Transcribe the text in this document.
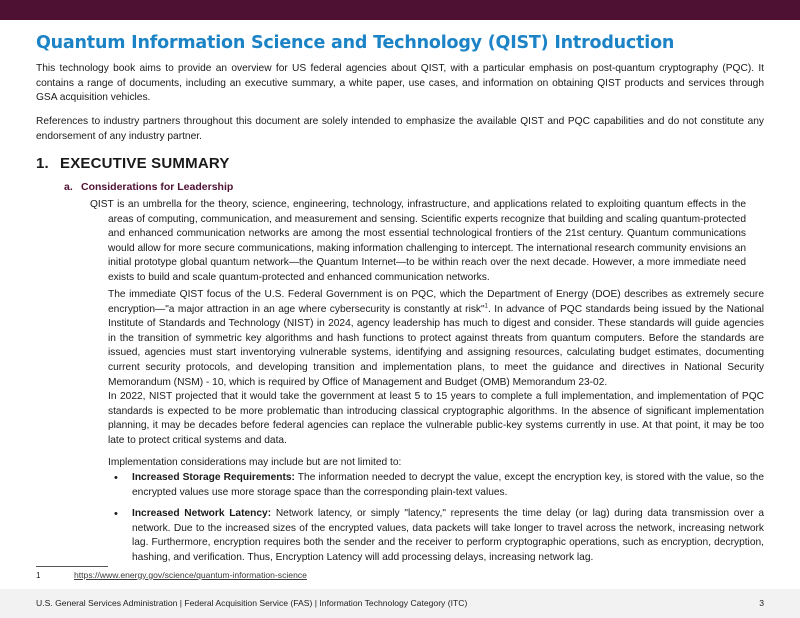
Quantum Information Science and Technology (QIST) Introduction

This technology book aims to provide an overview for US federal agencies about QIST, with a particular emphasis on post-quantum cryptography (PQC). It contains a range of documents, including an executive summary, a white paper, use cases, and information on obtaining QIST products and services through GSA acquisition vehicles.

References to industry partners throughout this document are solely intended to emphasize the available QIST and PQC capabilities and do not constitute any endorsement of any industry partner.

1. EXECUTIVE SUMMARY
a. Considerations for Leadership

QIST is an umbrella for the theory, science, engineering, technology, infrastructure, and applications related to exploiting quantum effects in the areas of computing, communication, and measurement and sensing. Scientific experts recognize that building and scaling quantum-protected and enhanced communication networks are among the most essential technological frontiers of the 21st century. Quantum communications would allow for more secure communications, making information challenging to intercept. The international research community envisions an initial prototype global quantum network—the Quantum Internet—to be within reach over the next decade. However, a more immediate need exists to build and scale quantum-protected and enhanced communication networks.

The immediate QIST focus of the U.S. Federal Government is on PQC, which the Department of Energy (DOE) describes as extremely secure encryption—"a major attraction in an age where cybersecurity is constantly at risk"$^1$. In advance of PQC standards being issued by the National Institute of Standards and Technology (NIST) in 2024, agency leadership has much to digest and consider. These standards will guide agencies in the transition of symmetric key algorithms and hash functions to protect against threats from quantum computers. Before the standards are issued, agencies must start inventorying vulnerable systems, identifying and assigning resources, calculating budget estimates, documenting current security protocols, and developing transition and implementation plans, to meet the guidance and directives in National Security Memorandum (NSM) - 10, which is required by Office of Management and Budget (OMB) Memorandum 23-02.

In 2022, NIST projected that it would take the government at least 5 to 15 years to complete a full implementation, and implementation of PQC standards is expected to be more problematic than introducing classical cryptographic algorithms. In the absence of significant implementation planning, it may be decades before federal agencies can replace the vulnerable public-key systems currently in use. At that point, it may be too late to protect critical systems and data.

Implementation considerations may include but are not limited to:

• Increased Storage Requirements: The information needed to decrypt the value, except the encryption key, is stored with the value, so the encrypted values use more storage space than the corresponding plain-text values.
• Increased Network Latency: Network latency, or simply "latency," represents the time delay (or lag) during data transmission over a network. Due to the increased sizes of the encrypted values, data packets will take longer to travel across the network, increasing network lag. Furthermore, encryption requires both the sender and the receiver to perform cryptographic operations, such as encryption, decryption, hashing, and verification. Thus, Encryption Latency will add processing delays, increasing network lag.
1	https://www.energy.gov/science/quantum-information-science
U.S. General Services Administration | Federal Acquisition Service (FAS) | Information Technology Category (ITC)	3
